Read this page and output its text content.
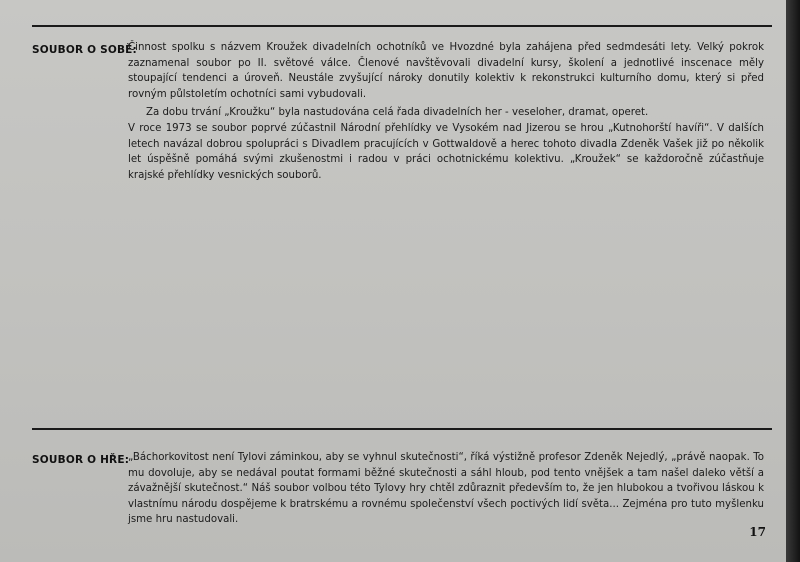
SOUBOR O SOBĚ:

Činnost spolku s názvem Kroužek divadelních ochotníků ve Hvozdné byla zahájena před sedmdesáti lety. Velký pokrok zaznamenal soubor po II. světové válce. Členové navštěvovali divadelní kursy, školení a jednotlivé inscenace měly stoupající tendenci a úroveň. Neustále zvyšující nároky donutily kolektiv k rekonstrukci kulturního domu, který si před rovným půlstoletím ochotníci sami vybudovali.

Za dobu trvání „Kroužku“ byla nastudována celá řada divadelních her - veseloher, dramat, operet.

V roce 1973 se soubor poprvé zúčastnil Národní přehlídky ve Vysokém nad Jizerou se hrou „Kutnohorští havíři“. V dalších letech navázal dobrou spolupráci s Divadlem pracujících v Gottwaldově a herec tohoto divadla Zdeněk Vašek již po několik let úspěšně pomáhá svými zkušenostmi i radou v práci ochotnickému kolektivu. „Kroužek“ se každoročně zúčastňuje krajské přehlídky vesnických souborů.

SOUBOR O HŘE:

„Báchorkovitost není Tylovi záminkou, aby se vyhnul skutečnosti“, říká výstižně profesor Zdeněk Nejedlý, „právě naopak. To mu dovoluje, aby se nedával poutat formami běžné skutečnosti a sáhl hloub, pod tento vnějšek a tam našel daleko větší a závažnější skutečnost.“ Náš soubor volbou této Tylovy hry chtěl zdůraznit především to, že jen hlubokou a tvořivou láskou k vlastnímu národu dospějeme k bratrskému a rovnému společenství všech poctivých lidí světa... Zejména pro tuto myšlenku jsme hru nastudovali.

17
